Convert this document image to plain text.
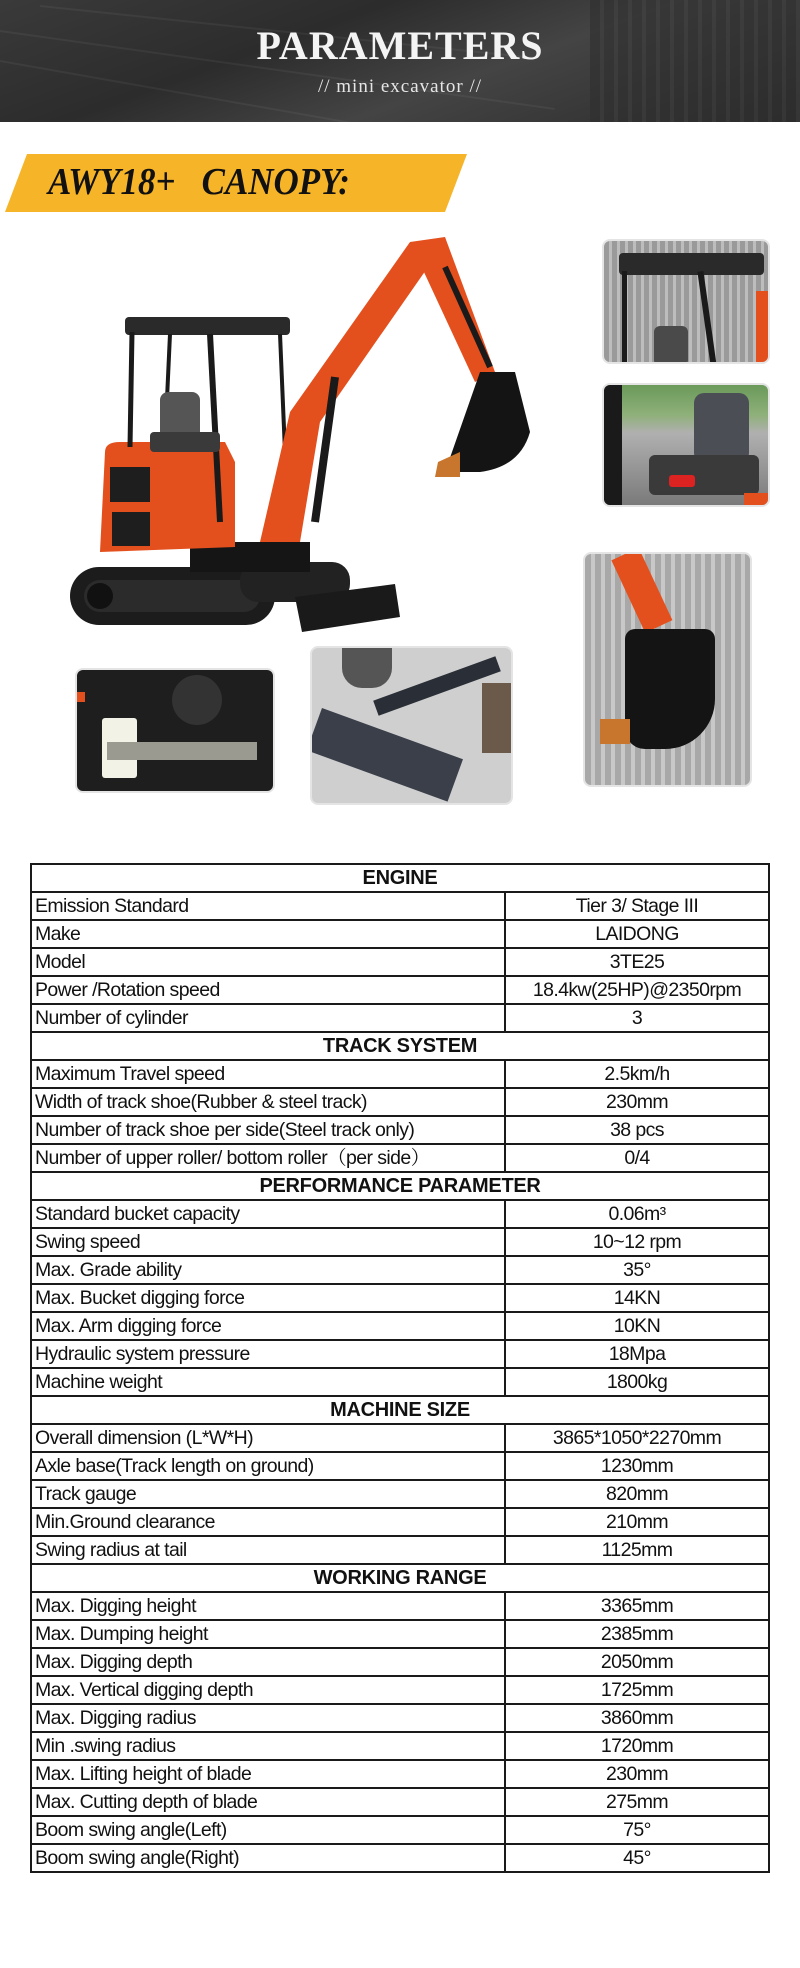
PARAMETERS
// mini excavator //
AWY18+   CANOPY:
ENGINE	
Emission Standard	Tier 3/ Stage III
Make	LAIDONG
Model	3TE25
Power /Rotation speed	18.4kw(25HP)@2350rpm
Number of cylinder	3
TRACK SYSTEM	
Maximum Travel speed	2.5km/h
Width of track shoe(Rubber & steel track)	230mm
Number of track shoe per side(Steel track only)	38 pcs
Number of upper roller/ bottom roller（per side）	0/4
PERFORMANCE PARAMETER	
Standard bucket capacity	0.06m³
Swing speed	10~12 rpm
Max. Grade ability	35°
Max. Bucket digging force	14KN
Max. Arm digging force	10KN
Hydraulic system pressure	18Mpa
Machine weight	1800kg
MACHINE SIZE	
Overall dimension (L*W*H)	3865*1050*2270mm
Axle base(Track length on ground)	1230mm
Track gauge	820mm
Min.Ground clearance	210mm
Swing radius at tail	1125mm
WORKING RANGE	
Max. Digging height	3365mm
Max. Dumping height	2385mm
Max. Digging depth	2050mm
Max. Vertical digging depth	1725mm
Max. Digging radius	3860mm
Min .swing radius	1720mm
Max. Lifting height of blade	230mm
Max. Cutting depth of blade	275mm
Boom swing angle(Left)	75°
Boom swing angle(Right)	45°
